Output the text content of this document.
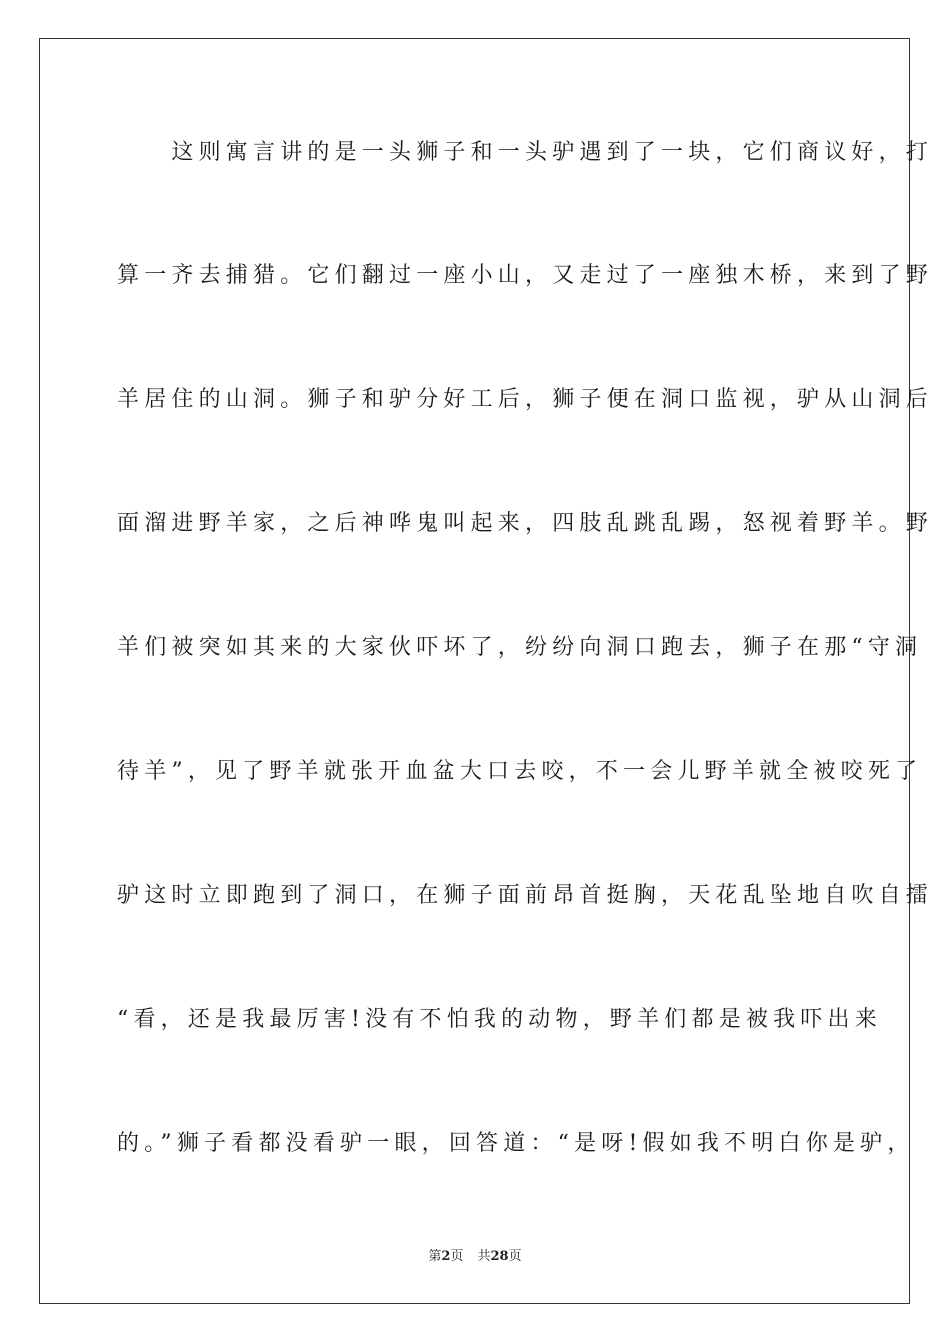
　　这则寓言讲的是一头狮子和一头驴遇到了一块，它们商议好，打
算一齐去捕猎。它们翻过一座小山，又走过了一座独木桥，来到了野
羊居住的山洞。狮子和驴分好工后，狮子便在洞口监视，驴从山洞后
面溜进野羊家，之后神哗鬼叫起来，四肢乱跳乱踢，怒视着野羊。野
羊们被突如其来的大家伙吓坏了，纷纷向洞口跑去，狮子在那“守洞
待羊”，见了野羊就张开血盆大口去咬，不一会儿野羊就全被咬死了
驴这时立即跑到了洞口，在狮子面前昂首挺胸，天花乱坠地自吹自擂
“看，还是我最厉害!没有不怕我的动物，野羊们都是被我吓出来
的。”狮子看都没看驴一眼，回答道：“是呀!假如我不明白你是驴，
第2页 共28页
